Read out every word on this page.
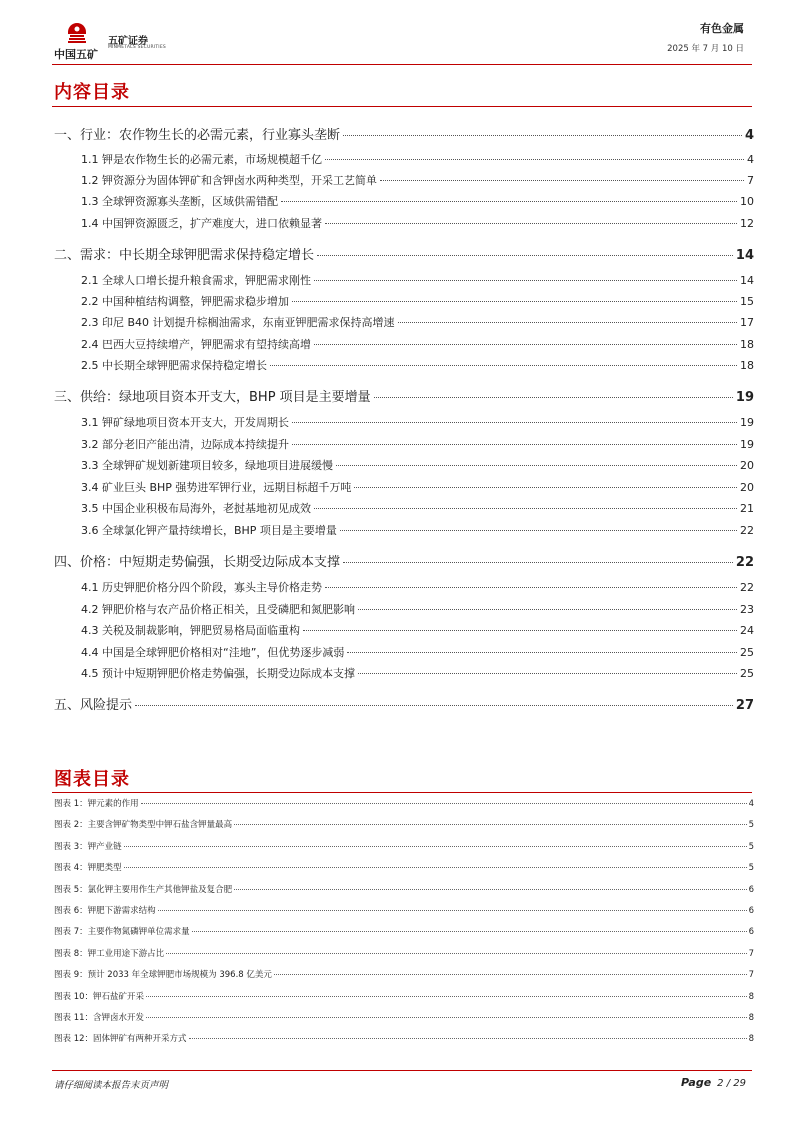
中国五矿
五矿证券
MINMETALS SECURITIES
有色金属
2025 年 7 月 10 日
内容目录
一、行业：农作物生长的必需元素，行业寡头垄断	4
1.1 钾是农作物生长的必需元素，市场规模超千亿	4
1.2 钾资源分为固体钾矿和含钾卤水两种类型，开采工艺简单	7
1.3 全球钾资源寡头垄断，区域供需错配	10
1.4 中国钾资源匮乏，扩产难度大，进口依赖显著	12
二、需求：中长期全球钾肥需求保持稳定增长	14
2.1 全球人口增长提升粮食需求，钾肥需求刚性	14
2.2 中国种植结构调整，钾肥需求稳步增加	15
2.3 印尼 B40 计划提升棕榈油需求，东南亚钾肥需求保持高增速	17
2.4 巴西大豆持续增产，钾肥需求有望持续高增	18
2.5 中长期全球钾肥需求保持稳定增长	18
三、供给：绿地项目资本开支大，BHP 项目是主要增量	19
3.1 钾矿绿地项目资本开支大，开发周期长	19
3.2 部分老旧产能出清，边际成本持续提升	19
3.3 全球钾矿规划新建项目较多，绿地项目进展缓慢	20
3.4 矿业巨头 BHP 强势进军钾行业，远期目标超千万吨	20
3.5 中国企业积极布局海外，老挝基地初见成效	21
3.6 全球氯化钾产量持续增长，BHP 项目是主要增量	22
四、价格：中短期走势偏强，长期受边际成本支撑	22
4.1 历史钾肥价格分四个阶段，寡头主导价格走势	22
4.2 钾肥价格与农产品价格正相关，且受磷肥和氮肥影响	23
4.3 关税及制裁影响，钾肥贸易格局面临重构	24
4.4 中国是全球钾肥价格相对“洼地”，但优势逐步减弱	25
4.5 预计中短期钾肥价格走势偏强，长期受边际成本支撑	25
五、风险提示	27
图表目录
图表 1：钾元素的作用	4
图表 2：主要含钾矿物类型中钾石盐含钾量最高	5
图表 3：钾产业链	5
图表 4：钾肥类型	5
图表 5：氯化钾主要用作生产其他钾盐及复合肥	6
图表 6：钾肥下游需求结构	6
图表 7：主要作物氮磷钾单位需求量	6
图表 8：钾工业用途下游占比	7
图表 9：预计 2033 年全球钾肥市场规模为 396.8 亿美元	7
图表 10：钾石盐矿开采	8
图表 11：含钾卤水开发	8
图表 12：固体钾矿有两种开采方式	8
请仔细阅读本报告末页声明	Page 2 / 29
